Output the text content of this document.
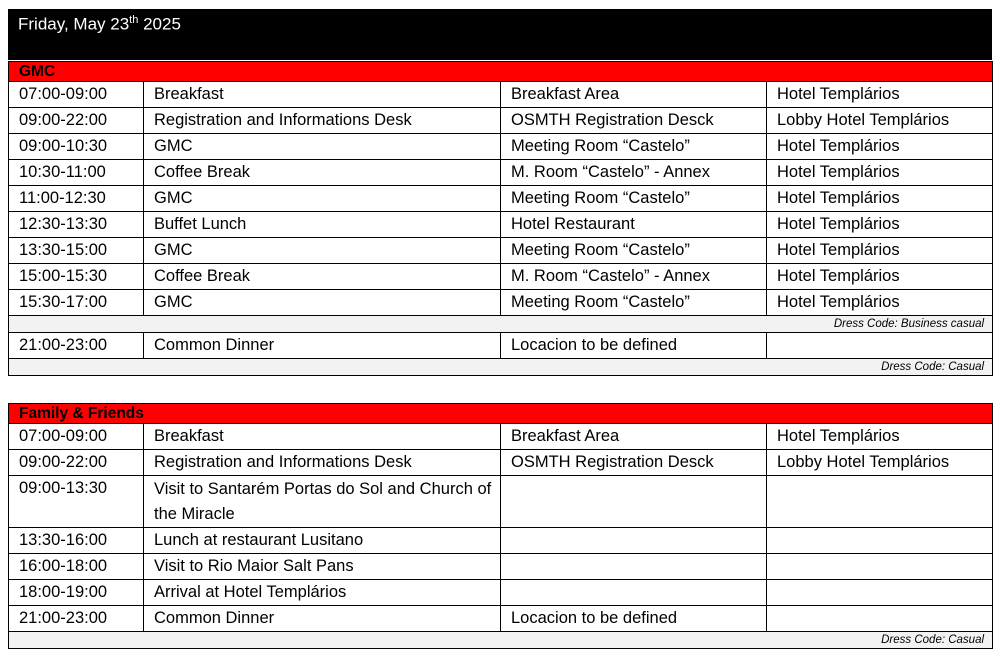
Friday, May 23th 2025
GMC			
07:00-09:00	Breakfast	Breakfast Area	Hotel Templários
09:00-22:00	Registration and Informations Desk	OSMTH Registration Desck	Lobby Hotel Templários
09:00-10:30	GMC	Meeting Room “Castelo”	Hotel Templários
10:30-11:00	Coffee Break	M. Room “Castelo” - Annex	Hotel Templários
11:00-12:30	GMC	Meeting Room “Castelo”	Hotel Templários
12:30-13:30	Buffet Lunch	Hotel Restaurant	Hotel Templários
13:30-15:00	GMC	Meeting Room “Castelo”	Hotel Templários
15:00-15:30	Coffee Break	M. Room “Castelo” - Annex	Hotel Templários
15:30-17:00	GMC	Meeting Room “Castelo”	Hotel Templários
Dress Code: Business casual			
21:00-23:00	Common Dinner	Locacion to be defined	
Dress Code: Casual			
Family & Friends			
07:00-09:00	Breakfast	Breakfast Area	Hotel Templários
09:00-22:00	Registration and Informations Desk	OSMTH Registration Desck	Lobby Hotel Templários
09:00-13:30	Visit to Santarém Portas do Sol and Church of the Miracle		
13:30-16:00	Lunch at restaurant Lusitano		
16:00-18:00	Visit to Rio Maior Salt Pans		
18:00-19:00	Arrival at Hotel Templários		
21:00-23:00	Common Dinner	Locacion to be defined	
Dress Code: Casual			
